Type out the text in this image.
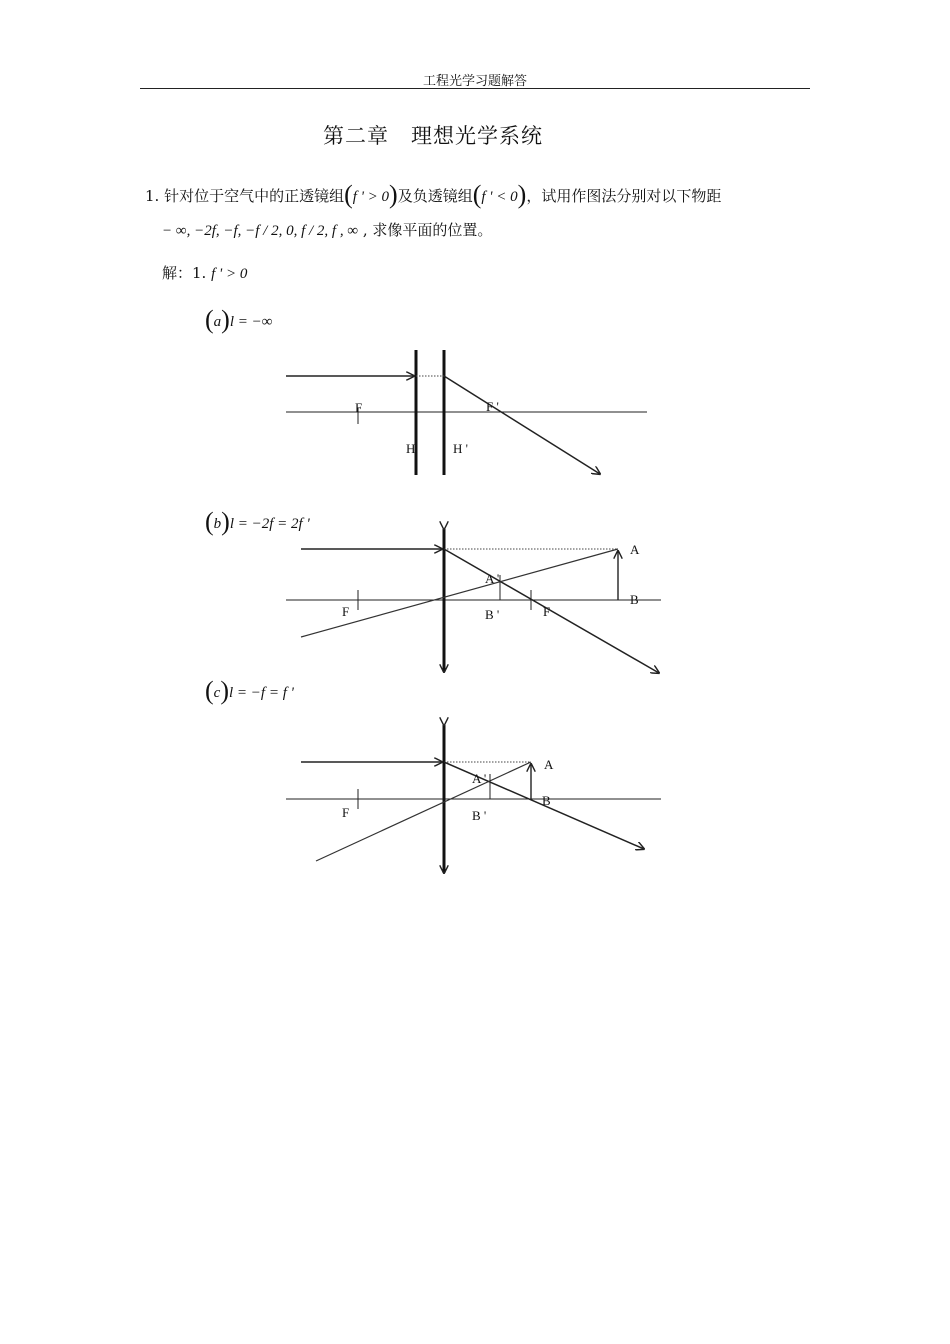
工程光学习题解答
第二章　理想光学系统
1. 针对位于空气中的正透镜组(f ' > 0)及负透镜组(f ' < 0)，试用作图法分别对以下物距
− ∞, −2f, −f, −f / 2, 0, f / 2, f , ∞ , 求像平面的位置。
解：1. f ' > 0
(a)l = −∞
(b)l = −2f = 2f '
(c)l = −f = f '
F	F '
H	H '
A
B
A '
B '
F	F
A
B
A '
B '
F
